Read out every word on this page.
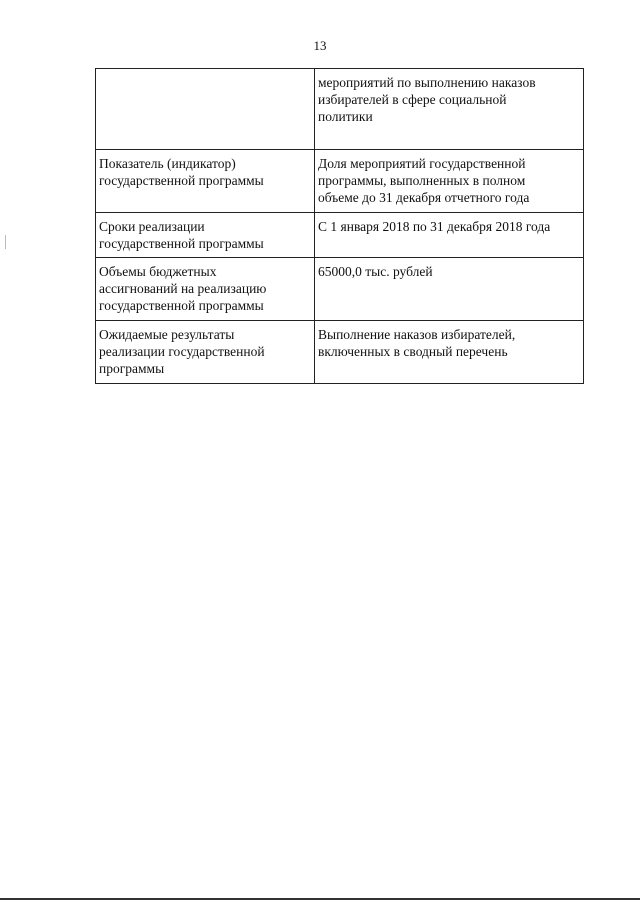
13

	мероприятий по выполнению наказов
избирателей в сфере социальной
политики

Показатель (индикатор)
государственной программы	Доля мероприятий государственной
программы, выполненных в полном
объеме до 31 декабря отчетного года

Сроки реализации
государственной программы	С 1 января 2018 по 31 декабря 2018 года

Объемы бюджетных
ассигнований на реализацию
государственной программы	65000,0 тыс. рублей

Ожидаемые результаты
реализации государственной
программы	Выполнение наказов избирателей,
включенных в сводный перечень
